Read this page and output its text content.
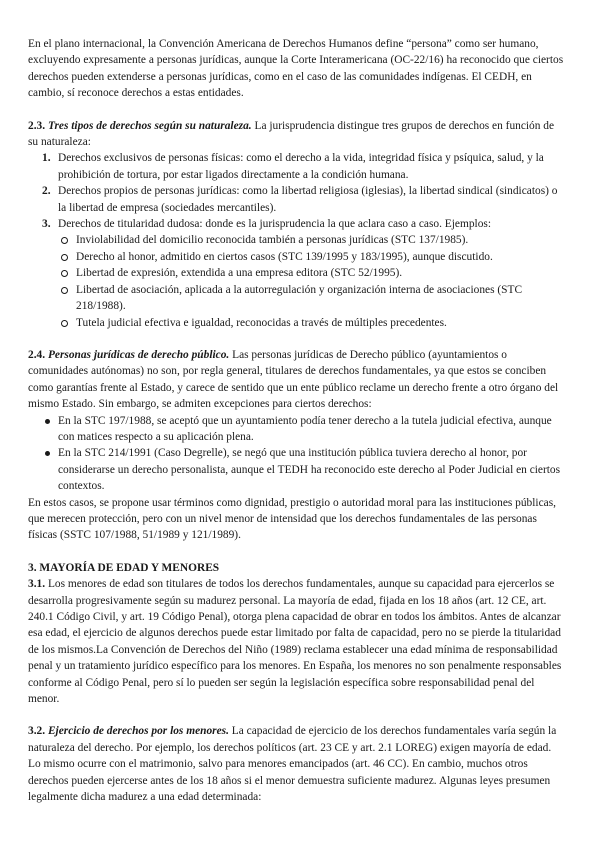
En el plano internacional, la Convención Americana de Derechos Humanos define “persona” como ser humano, excluyendo expresamente a personas jurídicas, aunque la Corte Interamericana (OC-22/16) ha reconocido que ciertos derechos pueden extenderse a personas jurídicas, como en el caso de las comunidades indígenas. El CEDH, en cambio, sí reconoce derechos a estas entidades.

2.3. Tres tipos de derechos según su naturaleza. La jurisprudencia distingue tres grupos de derechos en función de su naturaleza:

1. Derechos exclusivos de personas físicas: como el derecho a la vida, integridad física y psíquica, salud, y la prohibición de tortura, por estar ligados directamente a la condición humana.
2. Derechos propios de personas jurídicas: como la libertad religiosa (iglesias), la libertad sindical (sindicatos) o la libertad de empresa (sociedades mercantiles).
3. Derechos de titularidad dudosa: donde es la jurisprudencia la que aclara caso a caso. Ejemplos:
Inviolabilidad del domicilio reconocida también a personas jurídicas (STC 137/1985).
Derecho al honor, admitido en ciertos casos (STC 139/1995 y 183/1995), aunque discutido.
Libertad de expresión, extendida a una empresa editora (STC 52/1995).
Libertad de asociación, aplicada a la autorregulación y organización interna de asociaciones (STC 218/1988).
Tutela judicial efectiva e igualdad, reconocidas a través de múltiples precedentes.

2.4. Personas jurídicas de derecho público. Las personas jurídicas de Derecho público (ayuntamientos o comunidades autónomas) no son, por regla general, titulares de derechos fundamentales, ya que estos se conciben como garantías frente al Estado, y carece de sentido que un ente público reclame un derecho frente a otro órgano del mismo Estado. Sin embargo, se admiten excepciones para ciertos derechos:

En la STC 197/1988, se aceptó que un ayuntamiento podía tener derecho a la tutela judicial efectiva, aunque con matices respecto a su aplicación plena.
En la STC 214/1991 (Caso Degrelle), se negó que una institución pública tuviera derecho al honor, por considerarse un derecho personalista, aunque el TEDH ha reconocido este derecho al Poder Judicial en ciertos contextos.

En estos casos, se propone usar términos como dignidad, prestigio o autoridad moral para las instituciones públicas, que merecen protección, pero con un nivel menor de intensidad que los derechos fundamentales de las personas físicas (SSTC 107/1988, 51/1989 y 121/1989).

3. MAYORÍA DE EDAD Y MENORES

3.1. Los menores de edad son titulares de todos los derechos fundamentales, aunque su capacidad para ejercerlos se desarrolla progresivamente según su madurez personal. La mayoría de edad, fijada en los 18 años (art. 12 CE, art. 240.1 Código Civil, y art. 19 Código Penal), otorga plena capacidad de obrar en todos los ámbitos. Antes de alcanzar esa edad, el ejercicio de algunos derechos puede estar limitado por falta de capacidad, pero no se pierde la titularidad de los mismos.La Convención de Derechos del Niño (1989) reclama establecer una edad mínima de responsabilidad penal y un tratamiento jurídico específico para los menores. En España, los menores no son penalmente responsables conforme al Código Penal, pero sí lo pueden ser según la legislación específica sobre responsabilidad penal del menor.

3.2. Ejercicio de derechos por los menores. La capacidad de ejercicio de los derechos fundamentales varía según la naturaleza del derecho. Por ejemplo, los derechos políticos (art. 23 CE y art. 2.1 LOREG) exigen mayoría de edad. Lo mismo ocurre con el matrimonio, salvo para menores emancipados (art. 46 CC). En cambio, muchos otros derechos pueden ejercerse antes de los 18 años si el menor demuestra suficiente madurez. Algunas leyes presumen legalmente dicha madurez a una edad determinada:
